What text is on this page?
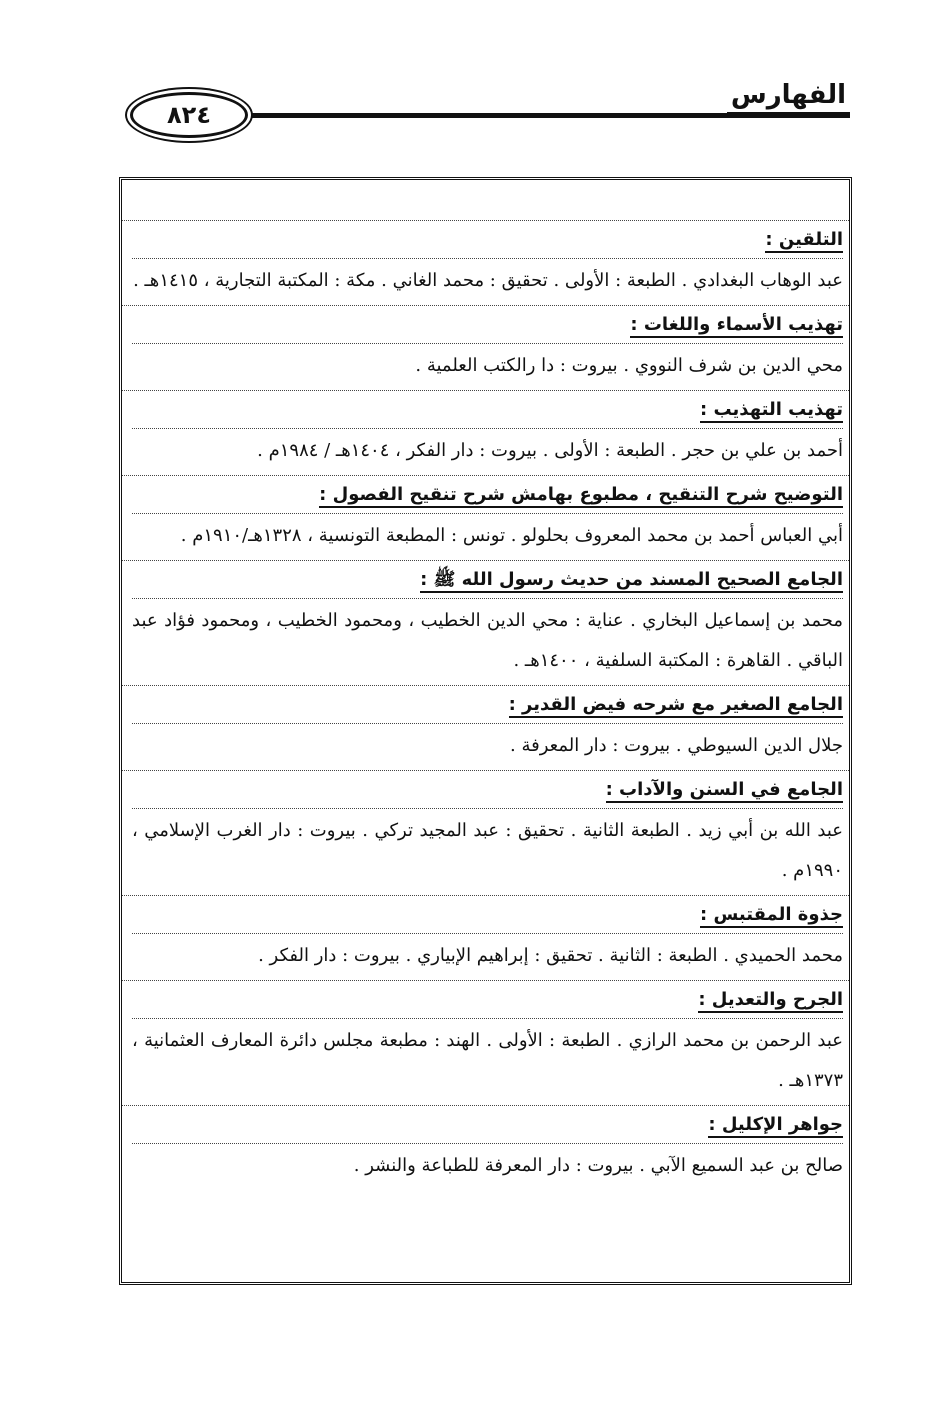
الفهارس
٨٢٤
التلقين :
عبد الوهاب البغدادي . الطبعة : الأولى . تحقيق : محمد الغاني . مكة : المكتبة التجارية ، ١٤١٥هـ .
تهذيب الأسماء واللغات :
محي الدين بن شرف النووي . بيروت : دا رالكتب العلمية .
تهذيب التهذيب :
أحمد بن علي بن حجر . الطبعة : الأولى . بيروت : دار الفكر ، ١٤٠٤هـ / ١٩٨٤م .
التوضيح شرح التنقيح ، مطبوع بهامش شرح تنقيح الفصول :
أبي العباس أحمد بن محمد المعروف بحلولو . تونس : المطبعة التونسية ، ١٣٢٨هـ/١٩١٠م .
الجامع الصحيح المسند من حديث رسول الله ﷺ :
محمد بن إسماعيل البخاري . عناية : محي الدين الخطيب ، ومحمود الخطيب ، ومحمود فؤاد عبد الباقي . القاهرة : المكتبة السلفية ، ١٤٠٠هـ .
الجامع الصغير مع شرحه فيض القدير :
جلال الدين السيوطي . بيروت : دار المعرفة .
الجامع في السنن والآداب :
عبد الله بن أبي زيد . الطبعة الثانية . تحقيق : عبد المجيد تركي . بيروت : دار الغرب الإسلامي ، ١٩٩٠م .
جذوة المقتبس :
محمد الحميدي . الطبعة : الثانية . تحقيق : إبراهيم الإبياري . بيروت : دار الفكر .
الجرح والتعديل :
عبد الرحمن بن محمد الرازي . الطبعة : الأولى . الهند : مطبعة مجلس دائرة المعارف العثمانية ، ١٣٧٣هـ .
جواهر الإكليل :
صالح بن عبد السميع الآبي . بيروت : دار المعرفة للطباعة والنشر .
